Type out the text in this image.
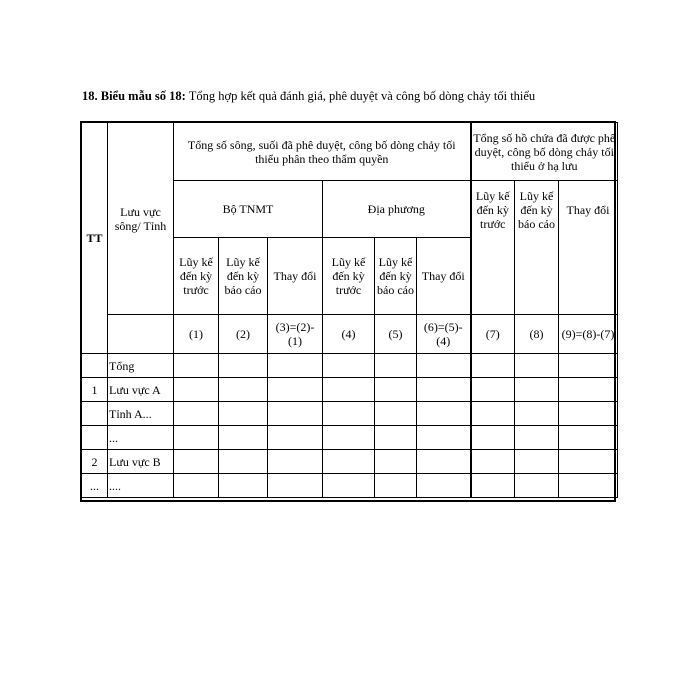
18. Biểu mẫu số 18: Tổng hợp kết quả đánh giá, phê duyệt và công bố dòng chảy tối thiểu
TT	Lưu vực sông/ Tỉnh	Tổng số sông, suối đã phê duyệt, công bố dòng chảy tối thiểu phân theo thẩm quyền						Tổng số hồ chứa đã được phê duyệt, công bố dòng chảy tối thiểu ở hạ lưu		
		Bộ TNMT			Địa phương			Lũy kế đến kỳ trước	Lũy kế đến kỳ báo cáo	Thay đổi
		Lũy kế đến kỳ trước	Lũy kế đến kỳ báo cáo	Thay đổi	Lũy kế đến kỳ trước	Lũy kế đến kỳ báo cáo	Thay đổi			
		(1)	(2)	(3)=(2)-(1)	(4)	(5)	(6)=(5)-(4)	(7)	(8)	(9)=(8)-(7)
	Tổng									
1	Lưu vực A									
	Tỉnh A...									
	...									
2	Lưu vực B									
...	....									
